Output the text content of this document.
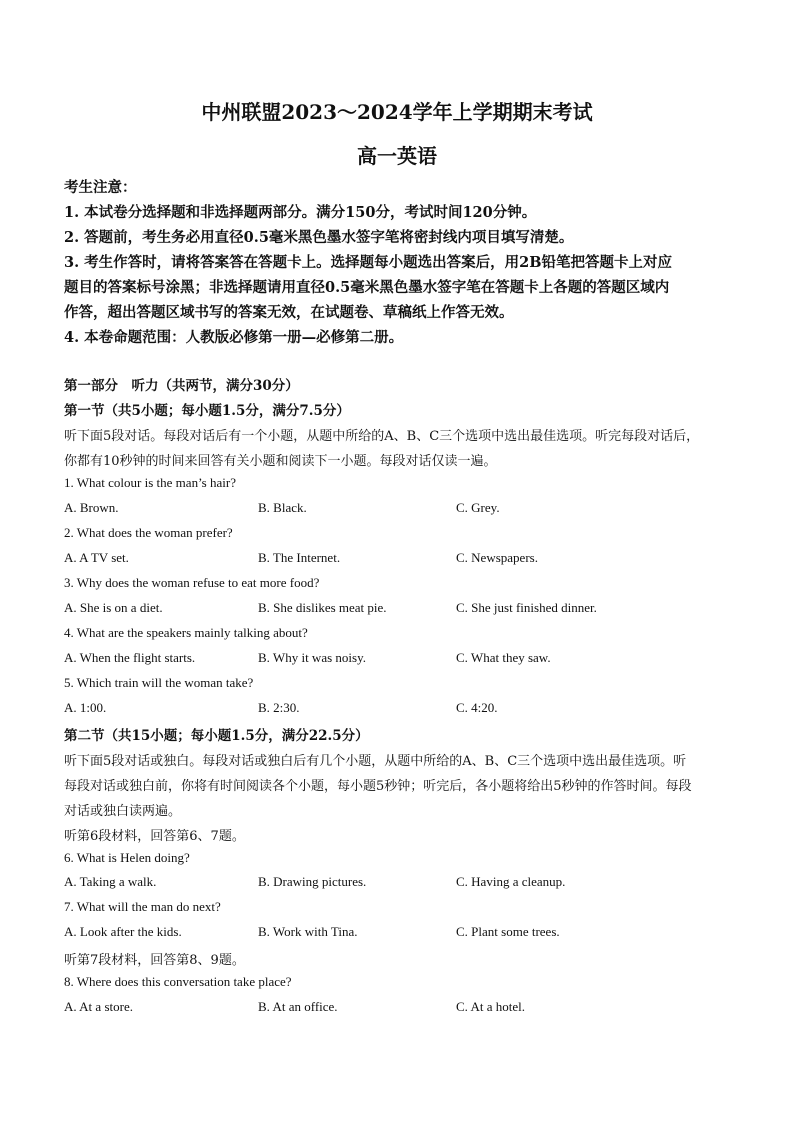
中州联盟2023～2024学年上学期期末考试
高一英语
考生注意：
1. 本试卷分选择题和非选择题两部分。满分150分，考试时间120分钟。
2. 答题前，考生务必用直径0.5毫米黑色墨水签字笔将密封线内项目填写清楚。
3. 考生作答时，请将答案答在答题卡上。选择题每小题选出答案后，用2B铅笔把答题卡上对应
题目的答案标号涂黑；非选择题请用直径0.5毫米黑色墨水签字笔在答题卡上各题的答题区域内
作答，超出答题区域书写的答案无效，在试题卷、草稿纸上作答无效。
4. 本卷命题范围：人教版必修第一册—必修第二册。
第一部分　听力（共两节，满分30分）
第一节（共5小题；每小题1.5分，满分7.5分）
听下面5段对话。每段对话后有一个小题，从题中所给的A、B、C三个选项中选出最佳选项。听完每段对话后，
你都有10秒钟的时间来回答有关小题和阅读下一小题。每段对话仅读一遍。
1. What colour is the man’s hair?
A. Brown.	B. Black.	C. Grey.
2. What does the woman prefer?
A. A TV set.	B. The Internet.	C. Newspapers.
3. Why does the woman refuse to eat more food?
A. She is on a diet.	B. She dislikes meat pie.	C. She just finished dinner.
4. What are the speakers mainly talking about?
A. When the flight starts.	B. Why it was noisy.	C. What they saw.
5. Which train will the woman take?
A. 1:00.	B. 2:30.	C. 4:20.
第二节（共15小题；每小题1.5分，满分22.5分）
听下面5段对话或独白。每段对话或独白后有几个小题，从题中所给的A、B、C三个选项中选出最佳选项。听
每段对话或独白前，你将有时间阅读各个小题，每小题5秒钟；听完后，各小题将给出5秒钟的作答时间。每段
对话或独白读两遍。
听第6段材料，回答第6、7题。
6. What is Helen doing?
A. Taking a walk.	B. Drawing pictures.	C. Having a cleanup.
7. What will the man do next?
A. Look after the kids.	B. Work with Tina.	C. Plant some trees.
听第7段材料，回答第8、9题。
8. Where does this conversation take place?
A. At a store.	B. At an office.	C. At a hotel.
